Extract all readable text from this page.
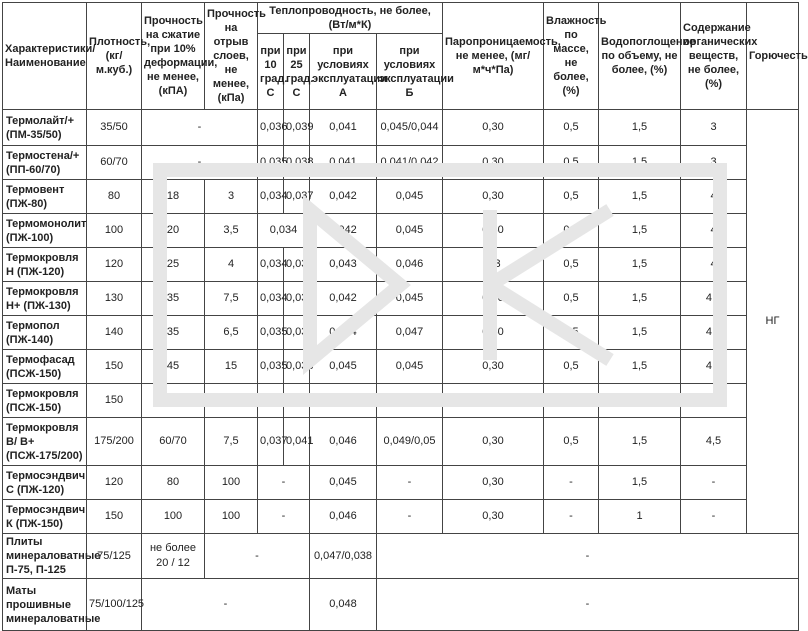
Характеристики/ Наименование	Плотность, (кг/м.куб.)	Прочность на сжатие при 10% деформации, не менее, (кПА)	Прочность на отрыв слоев, не менее, (кПа)	Теплопроводность, не более, (Вт/м*К)				Паропроницаемость, не менее, (мг/ м*ч*Па)	Влажность по массе, не более, (%)	Водопоглощение по объему, не более, (%)	Содержание органических веществ, не более, (%)	Горючесть
				при 10 град. С	при 25 град. С	при условиях эксплуатации А	при условиях эксплуатации Б					
Термолайт/+ (ПМ-35/50)	35/50	-		0,036	0,039	0,041	0,045/0,044	0,30	0,5	1,5	3	НГ
Термостена/+ (ПП-60/70)	60/70	-		0,035	0,038	0,041	0,041/0,042	0,30	0,5	1,5	3	
Термовент (ПЖ-80)	80	18	3	0,034	0,037	0,042	0,045	0,30	0,5	1,5	4	
Термомонолит (ПЖ-100)	100	20	3,5	0,034		0,042	0,045	0,30	0,5	1,5	4	
Термокровля Н (ПЖ-120)	120	25	4	0,034	0,037	0,043	0,046	0,3	0,5	1,5	4	
Термокровля Н+ (ПЖ-130)	130	35	7,5	0,034	0,037	0,042	0,045	0,30	0,5	1,5	4,5	
Термопол (ПЖ-140)	140	35	6,5	0,035	0,038	0,044	0,047	0,30	0,5	1,5	4,5	
Термофасад (ПСЖ-150)	150	45	15	0,035	0,038	0,045	0,045	0,30	0,5	1,5	4,5	
Термокровля (ПСЖ-150)	150	45	7,5	0,035	0,038	0,045	0,048	0,30	0,5	1	4,5	
Термокровля В/ В+ (ПСЖ-175/200)	175/200	60/70	7,5	0,037	0,041	0,046	0,049/0,05	0,30	0,5	1,5	4,5	
Термосэндвич С (ПЖ-120)	120	80	100	-		0,045	-	0,30	-	1,5	-	
Термосэндвич К (ПЖ-150)	150	100	100	-		0,046	-	0,30	-	1	-	
Плиты минераловатные П-75, П-125	75/125	не более 20 / 12	-			0,047/0,038	-					
Маты прошивные минераловатные	75/100/125	-				0,048	-					
